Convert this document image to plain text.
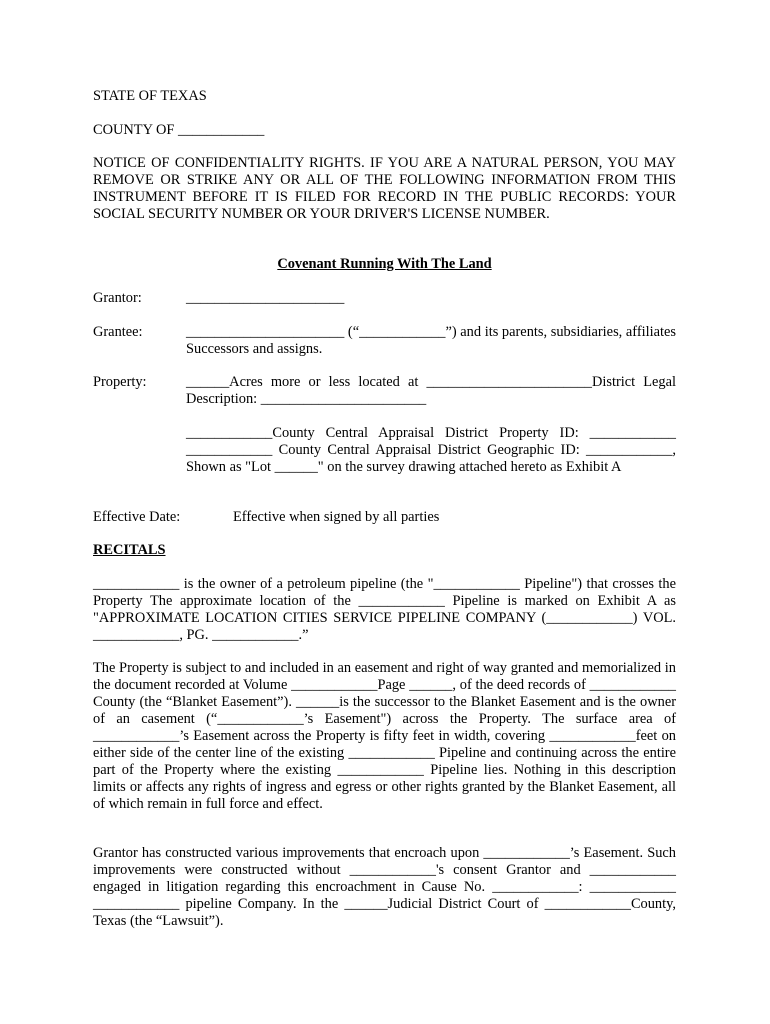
STATE OF TEXAS

COUNTY OF ____________

NOTICE OF CONFIDENTIALITY RIGHTS. IF YOU ARE A NATURAL PERSON, YOU MAY REMOVE OR STRIKE ANY OR ALL OF THE FOLLOWING INFORMATION FROM THIS INSTRUMENT BEFORE IT IS FILED FOR RECORD IN THE PUBLIC RECORDS: YOUR SOCIAL SECURITY NUMBER OR YOUR DRIVER'S LICENSE NUMBER.

Covenant Running With The Land

Grantor:	______________________
Grantee:	______________________ (“____________”) and its parents, subsidiaries, affiliates Successors and assigns.

Property:	______Acres more or less located at _______________________District Legal Description: _______________________

____________County Central Appraisal District Property ID: ____________ ____________ County Central Appraisal District Geographic ID: ____________, Shown as "Lot ______" on the survey drawing attached hereto as Exhibit A

Effective Date:	Effective when signed by all parties

RECITALS

____________ is the owner of a petroleum pipeline (the "____________ Pipeline") that crosses the Property The approximate location of the ____________ Pipeline is marked on Exhibit A as "APPROXIMATE LOCATION CITIES SERVICE PIPELINE COMPANY (____________) VOL. ____________, PG. ____________.”

The Property is subject to and included in an easement and right of way granted and memorialized in the document recorded at Volume ____________Page ______, of the deed records of ____________ County (the “Blanket Easement”). ______is the successor to the Blanket Easement and is the owner of an casement (“____________’s Easement") across the Property. The surface area of ____________’s Easement across the Property is fifty feet in width, covering ____________feet on either side of the center line of the existing ____________ Pipeline and continuing across the entire part of the Property where the existing ____________ Pipeline lies. Nothing in this description limits or affects any rights of ingress and egress or other rights granted by the Blanket Easement, all of which remain in full force and effect.

Grantor has constructed various improvements that encroach upon ____________’s Easement. Such improvements were constructed without ____________'s consent Grantor and ____________ engaged in litigation regarding this encroachment in Cause No. ____________: ____________ ____________ pipeline Company. In the ______Judicial District Court of ____________County, Texas (the “Lawsuit”).
